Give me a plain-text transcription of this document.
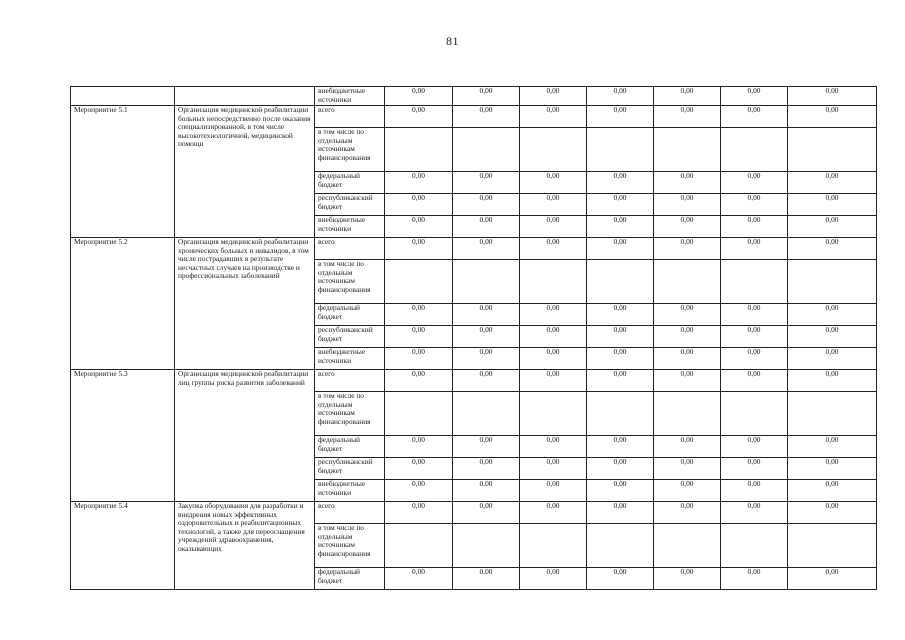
81
		внебюджетные источники	0,00	0,00	0,00	0,00	0,00	0,00	0,00
Мероприятие 5.1	Организация медицинской реабилитации больных непосредственно после оказания специализированной, в том числе высокотехнологичной, медицинской помощи	всего	0,00	0,00	0,00	0,00	0,00	0,00	0,00
		в том числе по отдельным источникам финансирования							
		федеральный бюджет	0,00	0,00	0,00	0,00	0,00	0,00	0,00
		республиканский бюджет	0,00	0,00	0,00	0,00	0,00	0,00	0,00
		внебюджетные источники	0,00	0,00	0,00	0,00	0,00	0,00	0,00
Мероприятие 5.2	Организация медицинской реабилитации хронических больных и инвалидов, в том числе пострадавших в результате несчастных случаев на производстве и профессиональных заболеваний	всего	0,00	0,00	0,00	0,00	0,00	0,00	0,00
		в том числе по отдельным источникам финансирования							
		федеральный бюджет	0,00	0,00	0,00	0,00	0,00	0,00	0,00
		республиканский бюджет	0,00	0,00	0,00	0,00	0,00	0,00	0,00
		внебюджетные источники	0,00	0,00	0,00	0,00	0,00	0,00	0,00
Мероприятие 5.3	Организация медицинской реабилитации лиц группы риска развития заболеваний	всего	0,00	0,00	0,00	0,00	0,00	0,00	0,00
		в том числе по отдельным источникам финансирования							
		федеральный бюджет	0,00	0,00	0,00	0,00	0,00	0,00	0,00
		республиканский бюджет	0,00	0,00	0,00	0,00	0,00	0,00	0,00
		внебюджетные источники	0,00	0,00	0,00	0,00	0,00	0,00	0,00
Мероприятие 5.4	Закупка оборудования для разработки и внедрения новых эффективных оздоровительных и реабилитационных технологий, а также для переоснащения учреждений здравоохранения, оказывающих	всего	0,00	0,00	0,00	0,00	0,00	0,00	0,00
		в том числе по отдельным источникам финансирования							
		федеральный бюджет	0,00	0,00	0,00	0,00	0,00	0,00	0,00
